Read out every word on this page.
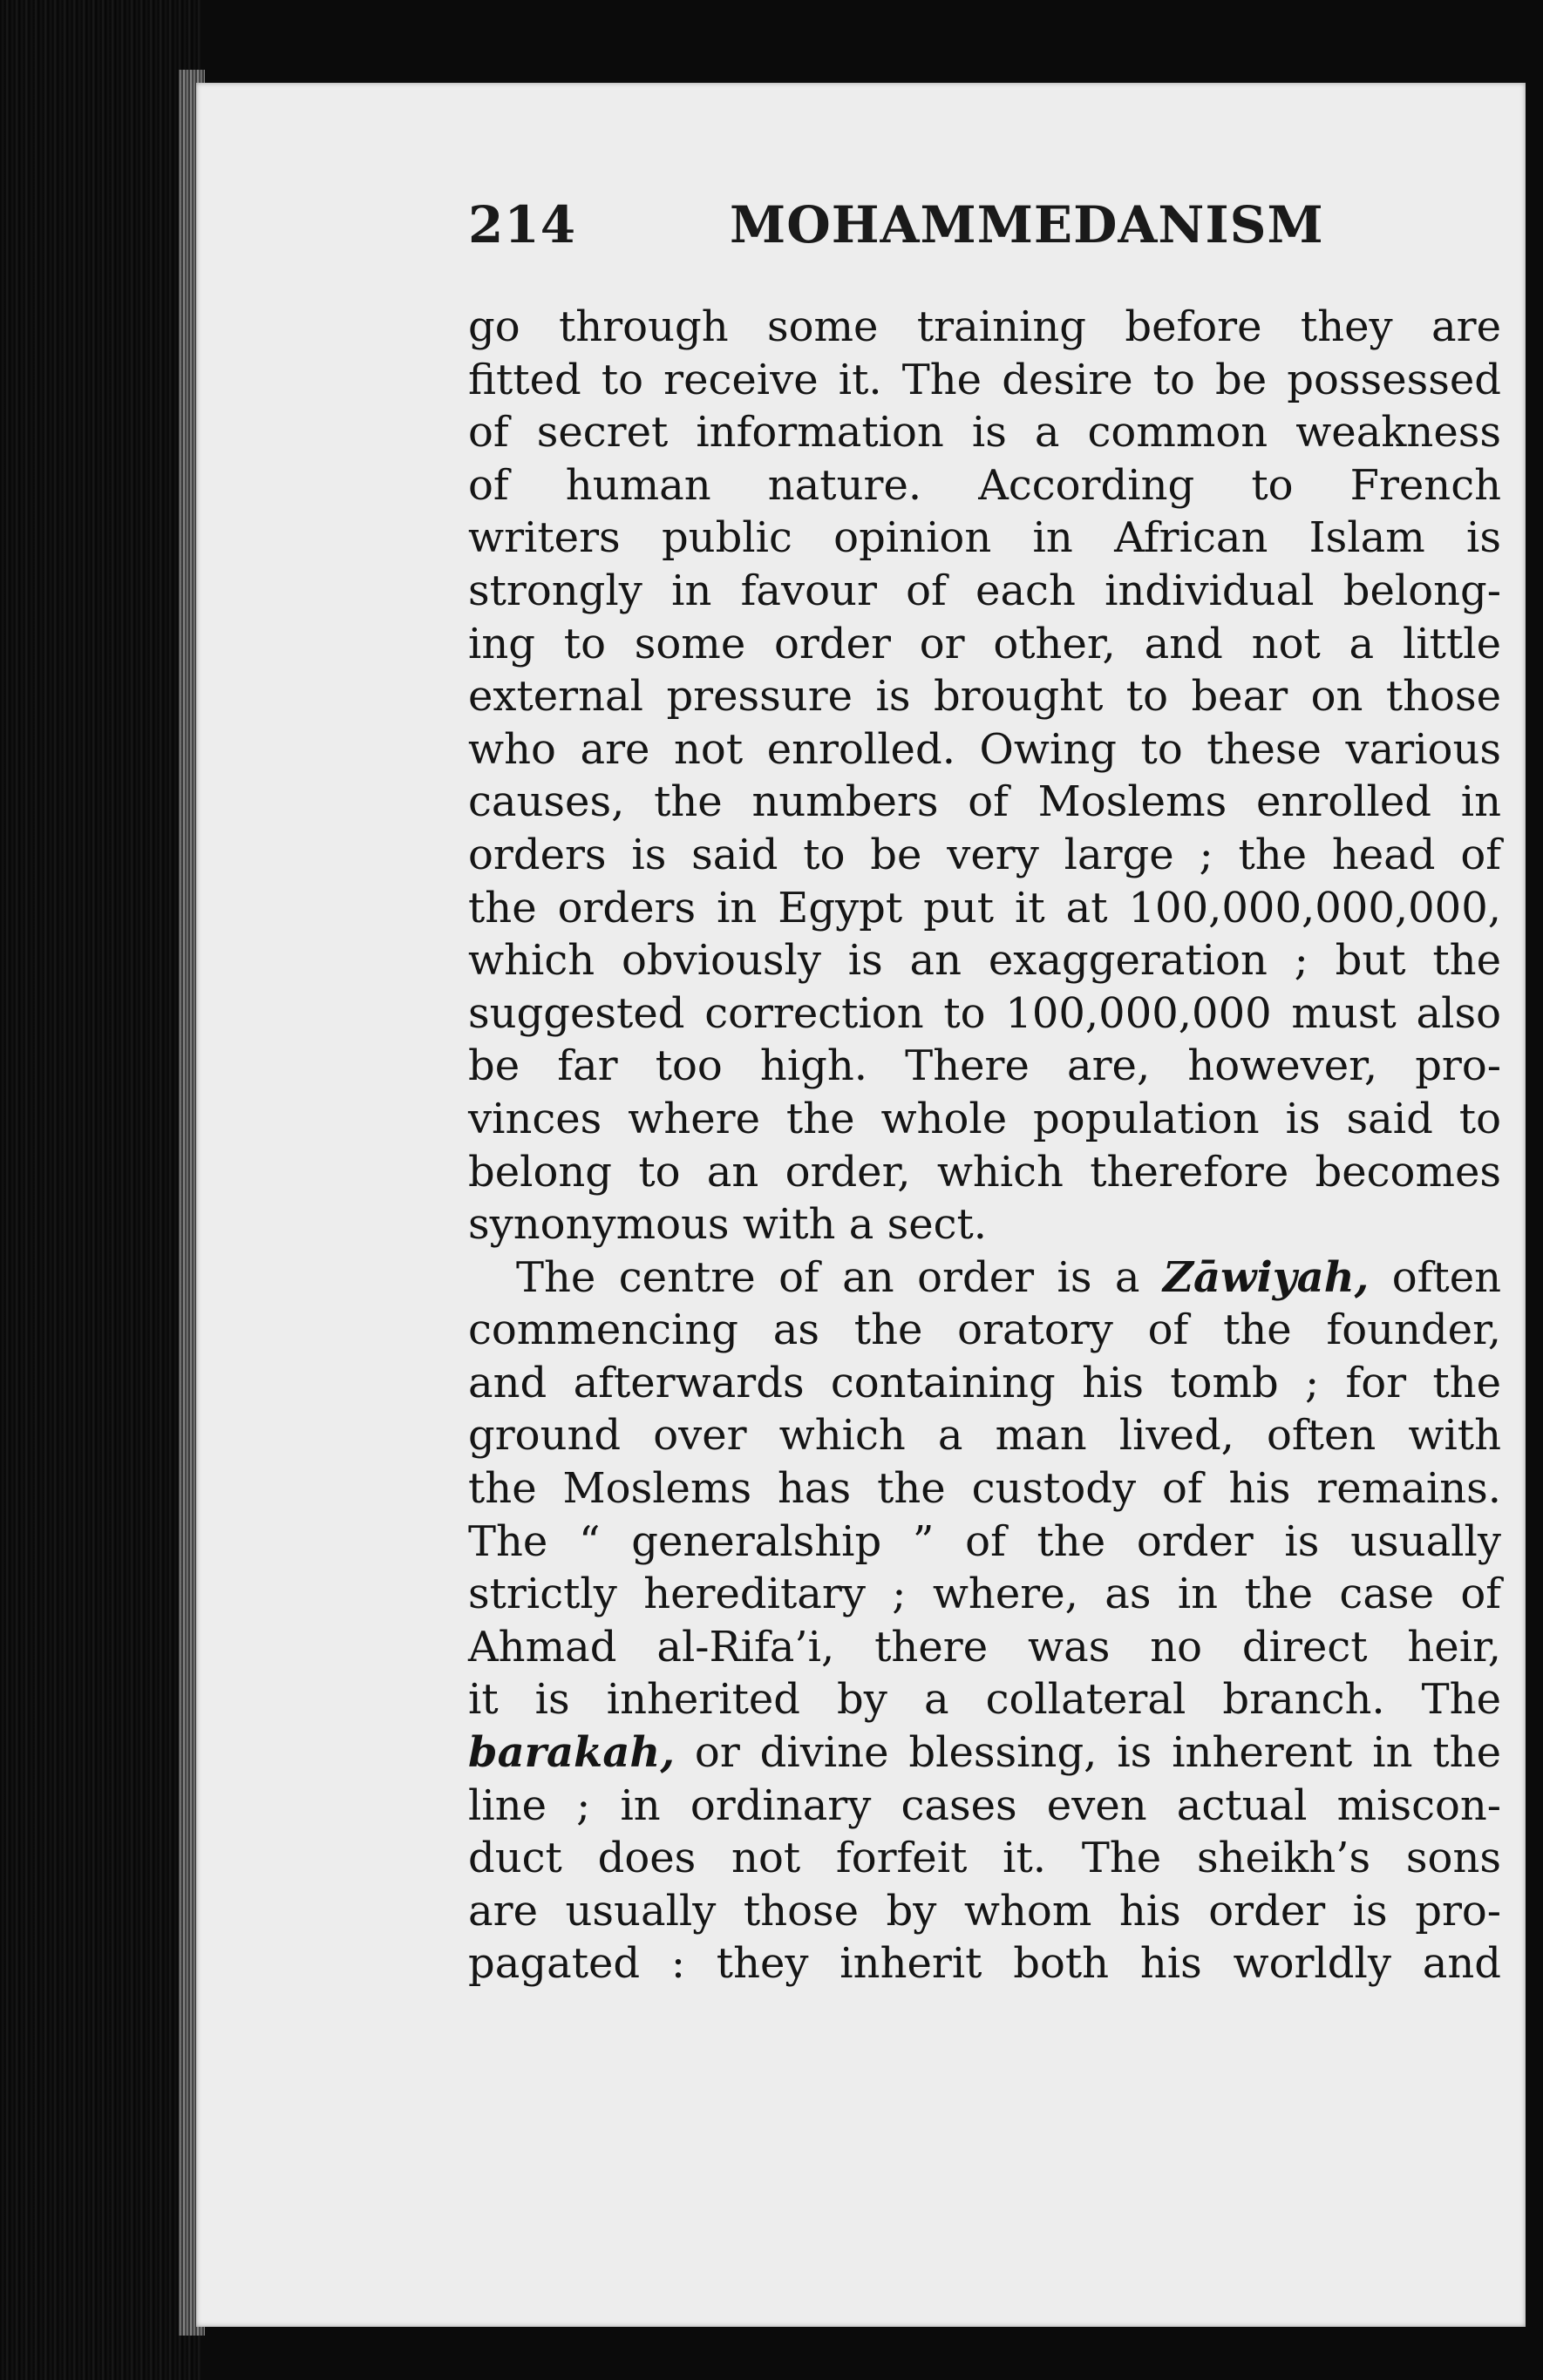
214	MOHAMMEDANISM
go through some training before they are
fitted to receive it. The desire to be possessed
of secret information is a common weakness
of human nature. According to French
writers public opinion in African Islam is
strongly in favour of each individual belong-
ing to some order or other, and not a little
external pressure is brought to bear on those
who are not enrolled. Owing to these various
causes, the numbers of Moslems enrolled in
orders is said to be very large ; the head of
the orders in Egypt put it at 100,000,000,000,
which obviously is an exaggeration ; but the
suggested correction to 100,000,000 must also
be far too high. There are, however, pro-
vinces where the whole population is said to
belong to an order, which therefore becomes
synonymous with a sect.
The centre of an order is a Zāwiyah, often
commencing as the oratory of the founder,
and afterwards containing his tomb ; for the
ground over which a man lived, often with
the Moslems has the custody of his remains.
The “ generalship ” of the order is usually
strictly hereditary ; where, as in the case of
Ahmad al-Rifa’i, there was no direct heir,
it is inherited by a collateral branch. The
barakah, or divine blessing, is inherent in the
line ; in ordinary cases even actual miscon-
duct does not forfeit it. The sheikh’s sons
are usually those by whom his order is pro-
pagated : they inherit both his worldly and
